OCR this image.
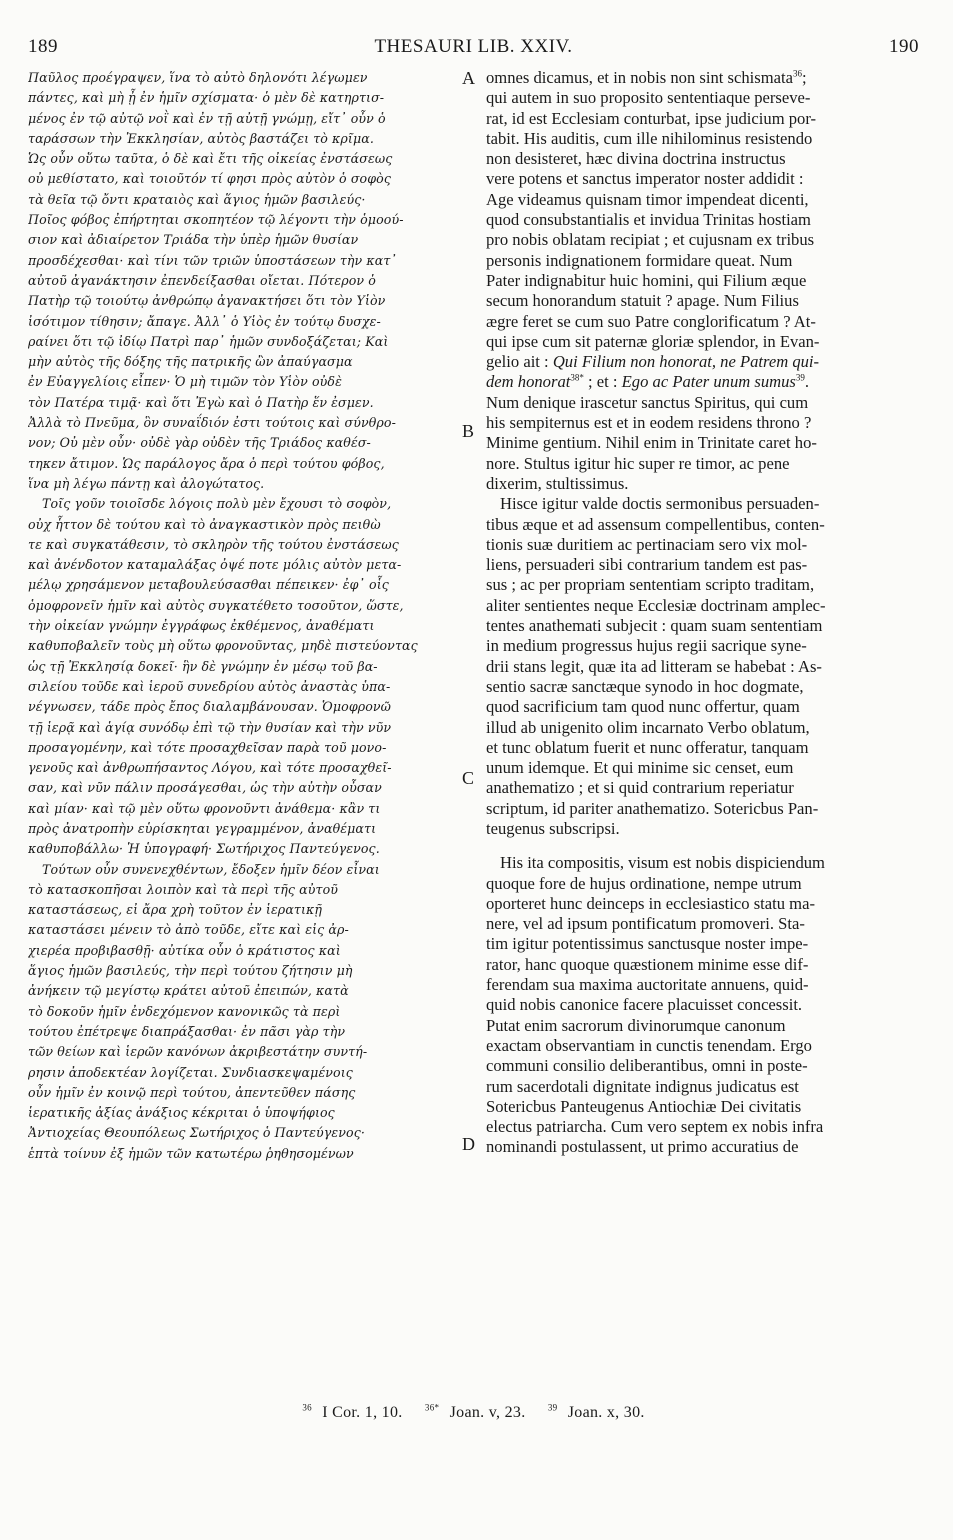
189	THESAURI LIB. XXIV.	190
Παῦλος προέγραψεν, ἵνα τὸ αὐτὸ δηλονότι λέγωμεν
πάντες, καὶ μὴ ᾖ ἐν ἡμῖν σχίσματα· ὁ μὲν δὲ κατηρτισ-
μένος ἐν τῷ αὐτῷ νοῒ καὶ ἐν τῇ αὐτῇ γνώμῃ, εἴτ᾽ οὖν ὁ
ταράσσων τὴν Ἐκκλησίαν, αὐτὸς βαστάζει τὸ κρῖμα.
Ὡς οὖν οὕτω ταῦτα, ὁ δὲ καὶ ἔτι τῆς οἰκείας ἐνστάσεως
οὐ μεθίστατο, καὶ τοιοῦτόν τί φησι πρὸς αὐτὸν ὁ σοφὸς
τὰ θεῖα τῷ ὄντι κραταιὸς καὶ ἅγιος ἡμῶν βασιλεύς·
Ποῖος φόβος ἐπήρτηται σκοπητέον τῷ λέγοντι τὴν ὁμοού-
σιον καὶ ἀδιαίρετον Τριάδα τὴν ὑπὲρ ἡμῶν θυσίαν
προσδέχεσθαι· καὶ τίνι τῶν τριῶν ὑποστάσεων τὴν κατ᾽
αὐτοῦ ἀγανάκτησιν ἐπενδείξασθαι οἴεται. Πότερον ὁ
Πατὴρ τῷ τοιούτῳ ἀνθρώπῳ ἀγανακτήσει ὅτι τὸν Υἱὸν
ἰσότιμον τίθησιν; ἄπαγε. Ἀλλ᾽ ὁ Υἱὸς ἐν τούτῳ δυσχε-
ραίνει ὅτι τῷ ἰδίῳ Πατρὶ παρ᾽ ἡμῶν συνδοξάζεται; Καὶ
μὴν αὐτὸς τῆς δόξης τῆς πατρικῆς ὢν ἀπαύγασμα
ἐν Εὐαγγελίοις εἶπεν· Ὁ μὴ τιμῶν τὸν Υἱὸν οὐδὲ
τὸν Πατέρα τιμᾷ· καὶ ὅτι Ἐγὼ καὶ ὁ Πατὴρ ἕν ἐσμεν.
Ἀλλὰ τὸ Πνεῦμα, ὃν συναΐδιόν ἐστι τούτοις καὶ σύνθρο-
νον; Οὐ μὲν οὖν· οὐδὲ γὰρ οὐδὲν τῆς Τριάδος καθέσ-
τηκεν ἄτιμον. Ὡς παράλογος ἄρα ὁ περὶ τούτου φόβος,
ἵνα μὴ λέγω πάντῃ καὶ ἀλογώτατος.
Τοῖς γοῦν τοιοῖσδε λόγοις πολὺ μὲν ἔχουσι τὸ σοφὸν,
οὐχ ἧττον δὲ τούτου καὶ τὸ ἀναγκαστικὸν πρὸς πειθὼ
τε καὶ συγκατάθεσιν, τὸ σκληρὸν τῆς τούτου ἐνστάσεως
καὶ ἀνένδοτον καταμαλάξας ὀψέ ποτε μόλις αὐτὸν μετα-
μέλῳ χρησάμενον μεταβουλεύσασθαι πέπεικεν· ἐφ᾽ οἷς
ὁμοφρονεῖν ἡμῖν καὶ αὐτὸς συγκατέθετο τοσοῦτον, ὥστε,
τὴν οἰκείαν γνώμην ἐγγράφως ἐκθέμενος, ἀναθέματι
καθυποβαλεῖν τοὺς μὴ οὕτω φρονοῦντας, μηδὲ πιστεύοντας
ὡς τῇ Ἐκκλησίᾳ δοκεῖ· ἣν δὲ γνώμην ἐν μέσῳ τοῦ βα-
σιλείου τοῦδε καὶ ἱεροῦ συνεδρίου αὐτὸς ἀναστὰς ὑπα-
νέγνωσεν, τάδε πρὸς ἔπος διαλαμβάνουσαν. Ὁμοφρονῶ
τῇ ἱερᾷ καὶ ἁγίᾳ συνόδῳ ἐπὶ τῷ τὴν θυσίαν καὶ τὴν νῦν
προσαγομένην, καὶ τότε προσαχθεῖσαν παρὰ τοῦ μονο-
γενοῦς καὶ ἀνθρωπήσαντος Λόγου, καὶ τότε προσαχθεῖ-
σαν, καὶ νῦν πάλιν προσάγεσθαι, ὡς τὴν αὐτὴν οὖσαν
καὶ μίαν· καὶ τῷ μὲν οὕτω φρονοῦντι ἀνάθεμα· κἂν τι
πρὸς ἀνατροπὴν εὑρίσκηται γεγραμμένον, ἀναθέματι
καθυποβάλλω· Ἡ ὑπογραφή· Σωτήριχος Παντεύγενος.
Τούτων οὖν συνενεχθέντων, ἔδοξεν ἡμῖν δέον εἶναι
τὸ κατασκοπῆσαι λοιπὸν καὶ τὰ περὶ τῆς αὐτοῦ
καταστάσεως, εἰ ἄρα χρὴ τοῦτον ἐν ἱερατικῇ
καταστάσει μένειν τὸ ἀπὸ τοῦδε, εἴτε καὶ εἰς ἀρ-
χιερέα προβιβασθῇ· αὐτίκα οὖν ὁ κράτιστος καὶ
ἅγιος ἡμῶν βασιλεύς, τὴν περὶ τούτου ζήτησιν μὴ
ἀνήκειν τῷ μεγίστῳ κράτει αὐτοῦ ἐπειπών, κατὰ
τὸ δοκοῦν ἡμῖν ἐνδεχόμενον κανονικῶς τὰ περὶ
τούτου ἐπέτρεψε διαπράξασθαι· ἐν πᾶσι γὰρ τὴν
τῶν θείων καὶ ἱερῶν κανόνων ἀκριβεστάτην συντή-
ρησιν ἀποδεκτέαν λογίζεται. Συνδιασκεψαμένοις
οὖν ἡμῖν ἐν κοινῷ περὶ τούτου, ἀπεντεῦθεν πάσης
ἱερατικῆς ἀξίας ἀνάξιος κέκριται ὁ ὑποψήφιος
Ἀντιοχείας Θεουπόλεως Σωτήριχος ὁ Παντεύγενος·
ἑπτὰ τοίνυν ἐξ ἡμῶν τῶν κατωτέρω ῥηθησομένων
omnes dicamus, et in nobis non sint schismata$^{36}$;
qui autem in suo proposito sententiaque perseve-
rat, id est Ecclesiam conturbat, ipse judicium por-
tabit. His auditis, cum ille nihilominus resistendo
non desisteret, hæc divina doctrina instructus
vere potens et sanctus imperator noster addidit :
Age videamus quisnam timor impendeat dicenti,
quod consubstantialis et invidua Trinitas hostiam
pro nobis oblatam recipiat ; et cujusnam ex tribus
personis indignationem formidare queat. Num
Pater indignabitur huic homini, qui Filium æque
secum honorandum statuit ? apage. Num Filius
ægre feret se cum suo Patre conglorificatum ? At-
qui ipse cum sit paternæ gloriæ splendor, in Evan-
gelio ait : Qui Filium non honorat, ne Patrem qui-
dem honorat$^{38*}$ ; et : Ego ac Pater unum sumus$^{39}$.
Num denique irascetur sanctus Spiritus, qui cum
his sempiternus est et in eodem residens throno ?
Minime gentium. Nihil enim in Trinitate caret ho-
nore. Stultus igitur hic super re timor, ac pene
dixerim, stultissimus.
Hisce igitur valde doctis sermonibus persuaden-
tibus æque et ad assensum compellentibus, conten-
tionis suæ duritiem ac pertinaciam sero vix mol-
liens, persuaderi sibi contrarium tandem est pas-
sus ; ac per propriam sententiam scripto traditam,
aliter sentientes neque Ecclesiæ doctrinam amplec-
tentes anathemati subjecit : quam suam sententiam
in medium progressus hujus regii sacrique syne-
drii stans legit, quæ ita ad litteram se habebat : As-
sentio sacræ sanctæque synodo in hoc dogmate,
quod sacrificium tam quod nunc offertur, quam
illud ab unigenito olim incarnato Verbo oblatum,
et tunc oblatum fuerit et nunc offeratur, tanquam
unum idemque. Et qui minime sic censet, eum
anathematizo ; et si quid contrarium reperiatur
scriptum, id pariter anathematizo. Sotericbus Pan-
teugenus subscripsi.
His ita compositis, visum est nobis dispiciendum
quoque fore de hujus ordinatione, nempe utrum
oporteret hunc deinceps in ecclesiastico statu ma-
nere, vel ad ipsum pontificatum promoveri. Sta-
tim igitur potentissimus sanctusque noster impe-
rator, hanc quoque quæstionem minime esse dif-
ferendam sua maxima auctoritate annuens, quid-
quid nobis canonice facere placuisset concessit.
Putat enim sacrorum divinorumque canonum
exactam observantiam in cunctis tenendam. Ergo
communi consilio deliberantibus, omni in poste-
rum sacerdotali dignitate indignus judicatus est
Sotericbus Panteugenus Antiochiæ Dei civitatis
electus patriarcha. Cum vero septem ex nobis infra
nominandi postulassent, ut primo accuratius de
A
B
C
D
$^{36}$ I Cor. 1, 10. $^{36*}$ Joan. v, 23. $^{39}$ Joan. x, 30.
